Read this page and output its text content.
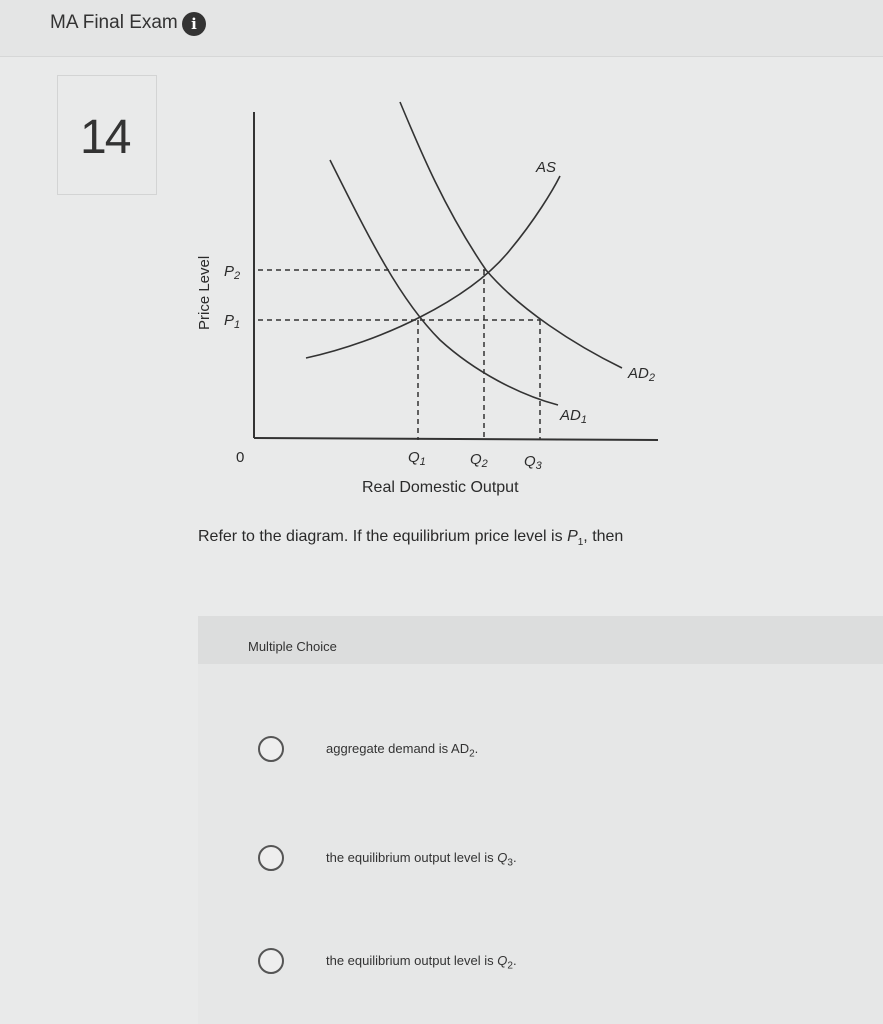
MA Final Exam i
14
Price Level $P_2$
$P_1$
0	$Q_1$	$Q_2$ $Q_3$
Real Domestic Output
AS
$AD_2$
$AD_1$
Refer to the diagram. If the equilibrium price level is $P_1$, then
Multiple Choice
aggregate demand is $AD_2$.
the equilibrium output level is $Q_3$.
the equilibrium output level is $Q_2$.
